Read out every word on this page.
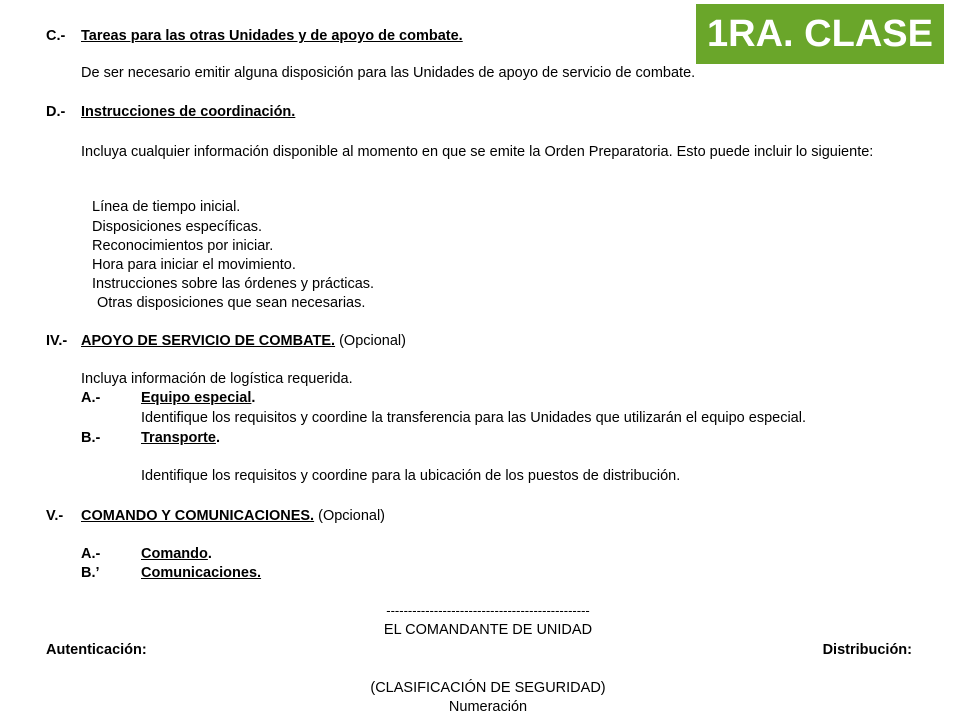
1RA. CLASE
C.- Tareas para las otras Unidades y de apoyo de combate.
De ser necesario emitir alguna disposición para las Unidades de apoyo de servicio de combate.
D.- Instrucciones de coordinación.
Incluya cualquier información disponible al momento en que se emite la Orden Preparatoria. Esto puede incluir lo siguiente:
Línea de tiempo inicial.
Disposiciones específicas.
Reconocimientos por iniciar.
Hora para iniciar el movimiento.
Instrucciones sobre las órdenes y prácticas.
Otras disposiciones que sean necesarias.
IV.- APOYO DE SERVICIO DE COMBATE. (Opcional)
Incluya información de logística requerida.
A.-	Equipo especial.
Identifique los requisitos y coordine la transferencia para las Unidades que utilizarán el equipo especial.
B.-	Transporte.
Identifique los requisitos y coordine para la ubicación de los puestos de distribución.
V.- COMANDO Y COMUNICACIONES. (Opcional)
A.-	Comando.
B.’	Comunicaciones.
-----------------------------------------------
EL COMANDANTE DE UNIDAD
Autenticación:	Distribución:
(CLASIFICACIÓN DE SEGURIDAD)
Numeración
